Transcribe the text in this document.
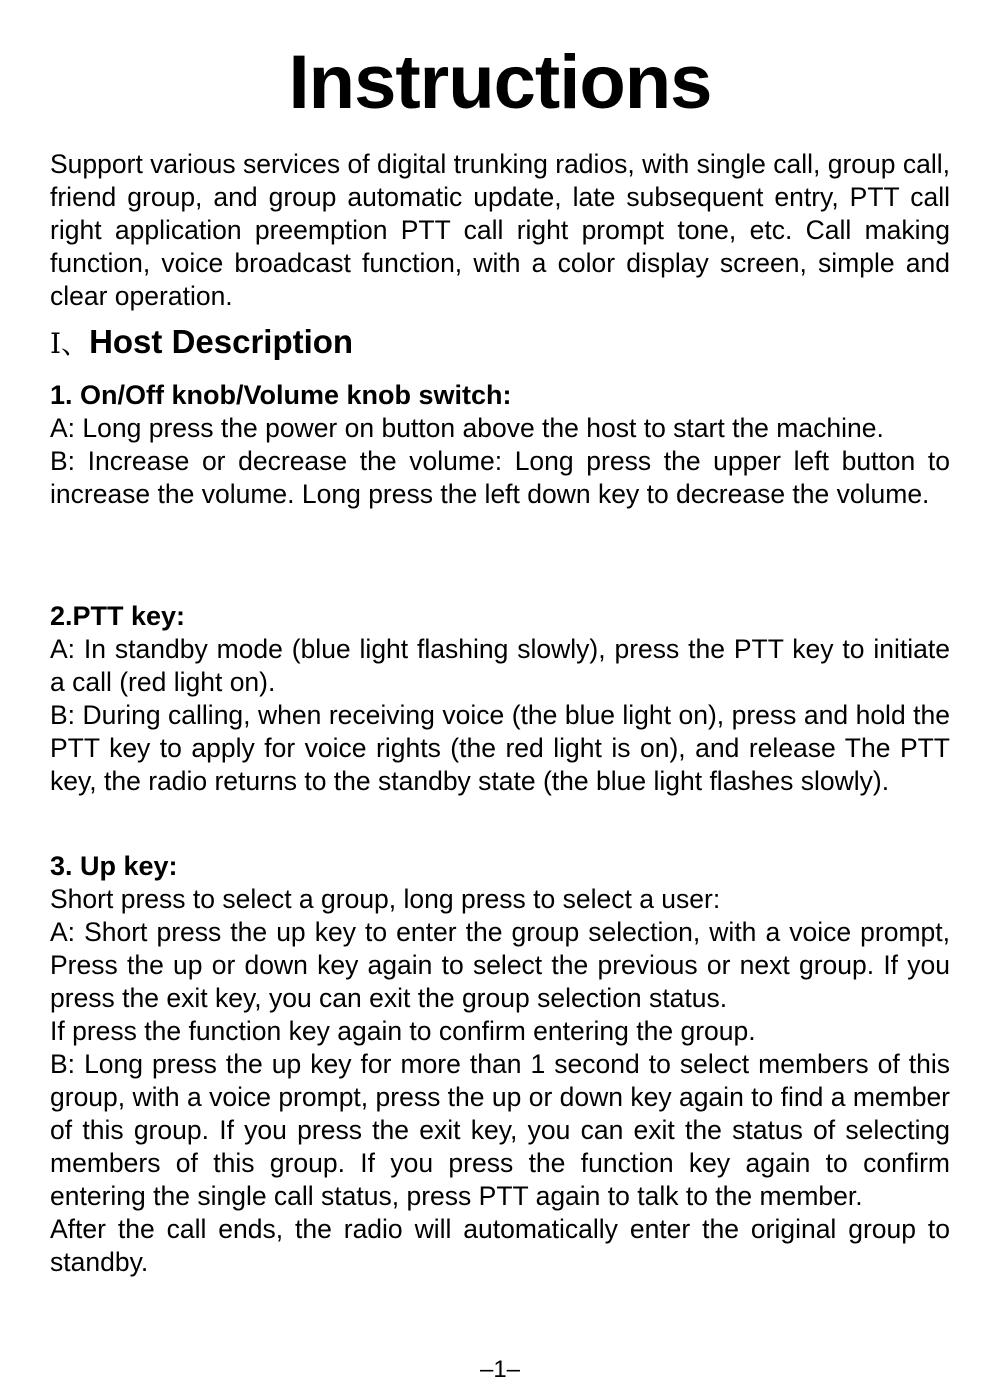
Instructions

Support various services of digital trunking radios, with single call, group call, friend group, and group automatic update, late subsequent entry, PTT call right application preemption PTT call right prompt tone, etc. Call making function, voice broadcast function, with a color display screen, simple and clear operation.

Ⅰ、Host Description

1. On/Off knob/Volume knob switch:

A: Long press the power on button above the host to start the machine.

B: Increase or decrease the volume: Long press the upper left button to increase the volume. Long press the left down key to decrease the volume.

2.PTT key:

A: In standby mode (blue light flashing slowly), press the PTT key to initiate a call (red light on).

B: During calling, when receiving voice (the blue light on), press and hold the PTT key to apply for voice rights (the red light is on), and release The PTT key, the radio returns to the standby state (the blue light flashes slowly).

3. Up key:

Short press to select a group, long press to select a user:

A: Short press the up key to enter the group selection, with a voice prompt, Press the up or down key again to select the previous or next group. If you press the exit key, you can exit the group selection status.

If press the function key again to confirm entering the group.

B: Long press the up key for more than 1 second to select members of this group, with a voice prompt, press the up or down key again to find a member of this group. If you press the exit key, you can exit the status of selecting members of this group. If you press the function key again to confirm entering the single call status, press PTT again to talk to the member.

After the call ends, the radio will automatically enter the original group to standby.

–1–
